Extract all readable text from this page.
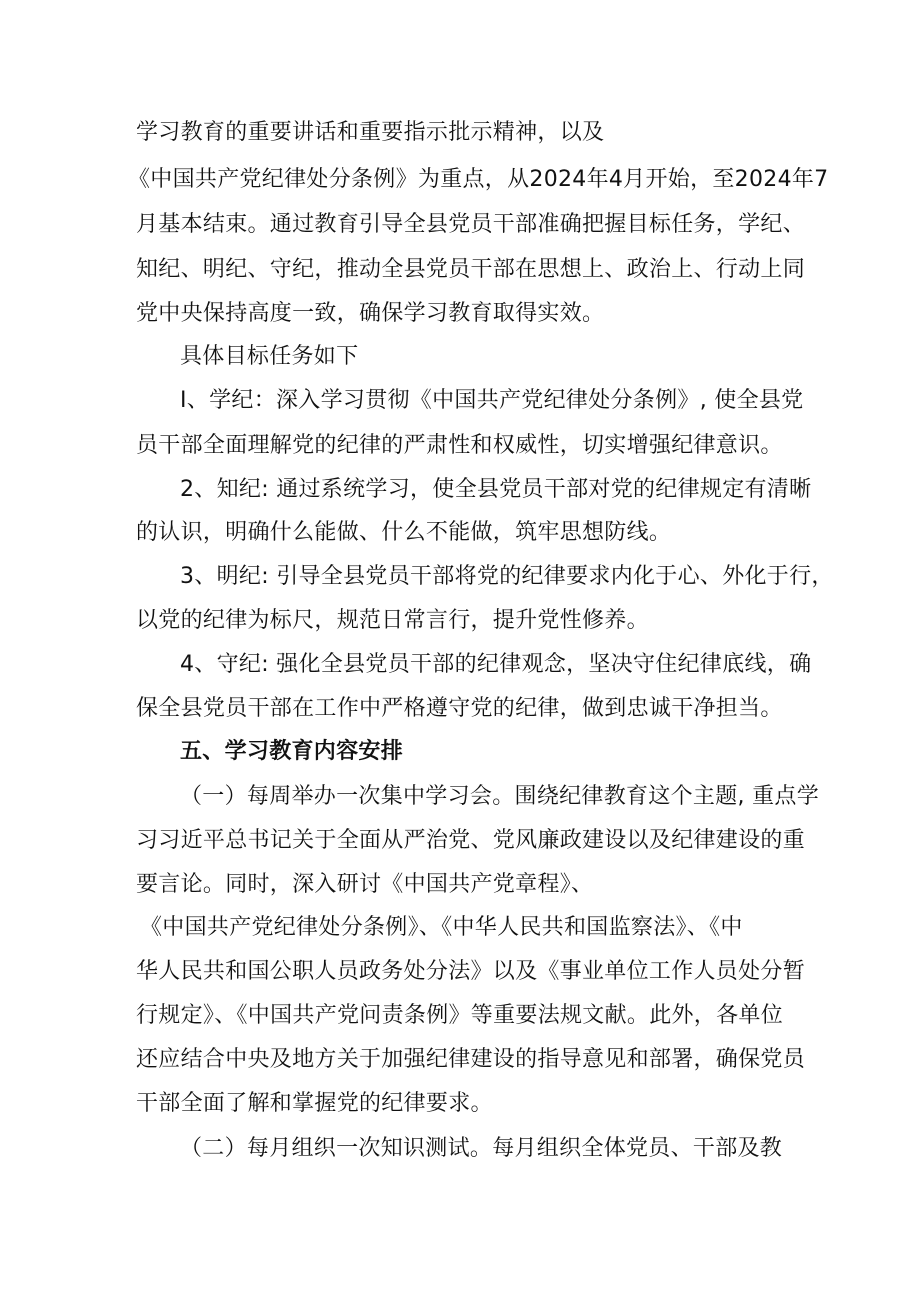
学习教育的重要讲话和重要指示批示精神，以及
《中国共产党纪律处分条例》为重点，从2024年4月开始，至2024年7
月基本结束。通过教育引导全县党员干部准确把握目标任务，学纪、
知纪、明纪、守纪，推动全县党员干部在思想上、政治上、行动上同
党中央保持高度一致，确保学习教育取得实效。
具体目标任务如下
I、学纪：深入学习贯彻《中国共产党纪律处分条例》, 使全县党
员干部全面理解党的纪律的严肃性和权威性，切实增强纪律意识。
2、知纪: 通过系统学习，使全县党员干部对党的纪律规定有清晰
的认识，明确什么能做、什么不能做，筑牢思想防线。
3、明纪: 引导全县党员干部将党的纪律要求内化于心、外化于行，
以党的纪律为标尺，规范日常言行，提升党性修养。
4、守纪: 强化全县党员干部的纪律观念，坚决守住纪律底线，确
保全县党员干部在工作中严格遵守党的纪律，做到忠诚干净担当。
五、学习教育内容安排
（一）每周举办一次集中学习会。围绕纪律教育这个主题, 重点学
习习近平总书记关于全面从严治党、党风廉政建设以及纪律建设的重
要言论。同时，深入研讨《中国共产党章程》、
《中国共产党纪律处分条例》、《中华人民共和国监察法》、《中
华人民共和国公职人员政务处分法》以及《事业单位工作人员处分暂
行规定》、《中国共产党问责条例》等重要法规文献。此外，各单位
还应结合中央及地方关于加强纪律建设的指导意见和部署，确保党员
干部全面了解和掌握党的纪律要求。
（二）每月组织一次知识测试。每月组织全体党员、干部及教
